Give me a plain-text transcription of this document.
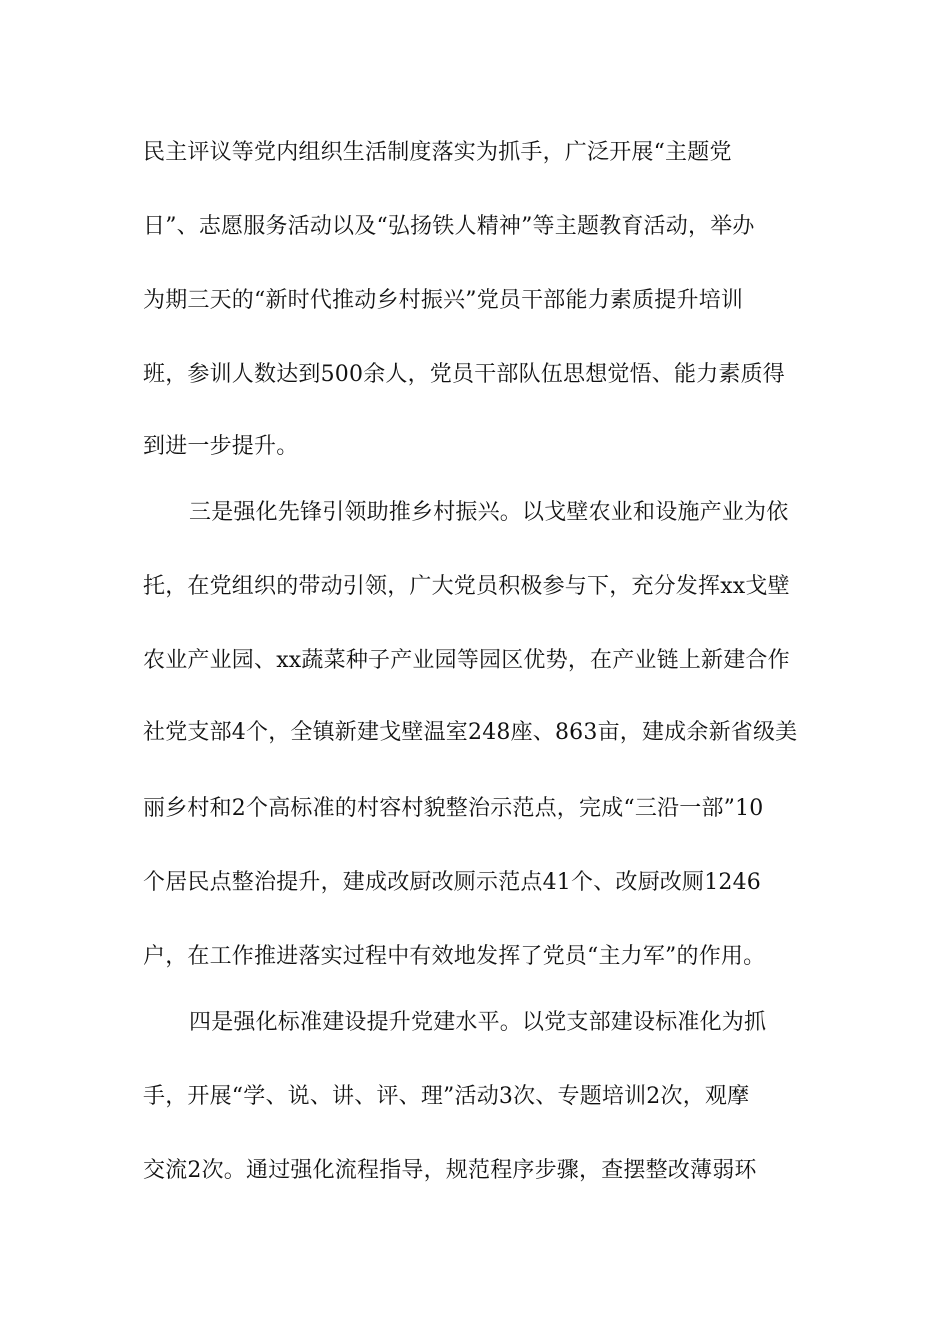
民主评议等党内组织生活制度落实为抓手，广泛开展“主题党
日”、志愿服务活动以及“弘扬铁人精神”等主题教育活动，举办
为期三天的“新时代推动乡村振兴”党员干部能力素质提升培训
班，参训人数达到500余人，党员干部队伍思想觉悟、能力素质得
到进一步提升。
三是强化先锋引领助推乡村振兴。以戈壁农业和设施产业为依
托，在党组织的带动引领，广大党员积极参与下，充分发挥xx戈壁
农业产业园、xx蔬菜种子产业园等园区优势，在产业链上新建合作
社党支部4个，全镇新建戈壁温室248座、863亩，建成余新省级美
丽乡村和2个高标准的村容村貌整治示范点，完成“三沿一部”10
个居民点整治提升，建成改厨改厕示范点41个、改厨改厕1246
户，在工作推进落实过程中有效地发挥了党员“主力军”的作用。
四是强化标准建设提升党建水平。以党支部建设标准化为抓
手，开展“学、说、讲、评、理”活动3次、专题培训2次，观摩
交流2次。通过强化流程指导，规范程序步骤，查摆整改薄弱环
